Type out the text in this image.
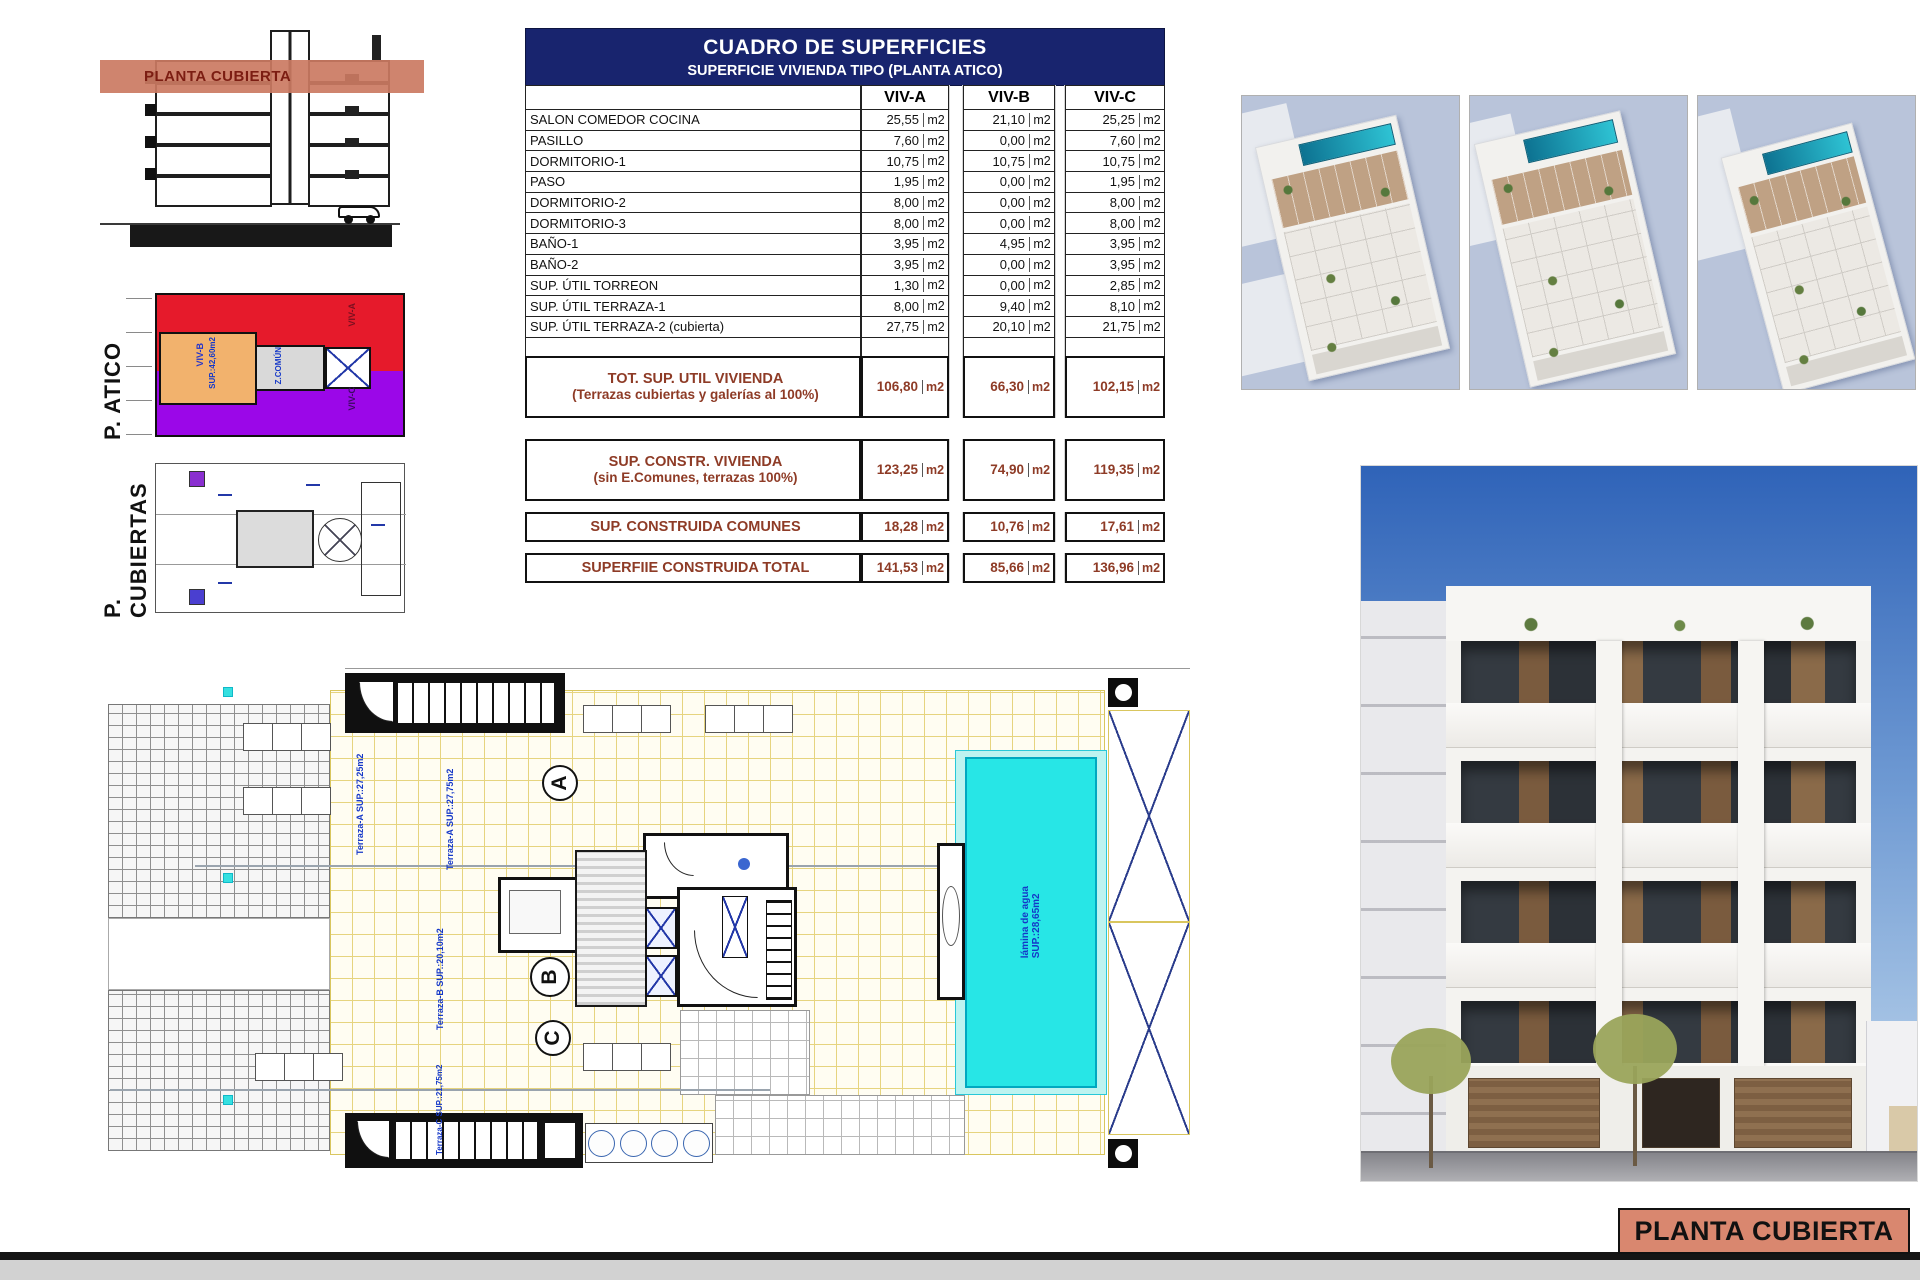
PLANTA CUBIERTA
P. ATICO
VIV-A
VIV-B SUP.:42,60m2
VIV-C
Z.COMÚN
P. CUBIERTAS
CUADRO DE SUPERFICIES
SUPERFICIE VIVIENDA TIPO (PLANTA ATICO)
VIV-A	VIV-B	VIV-C
SALON COMEDOR COCINA	25,55 m2	21,10 m2	25,25 m2
PASILLO	7,60 m2	0,00 m2	7,60 m2
DORMITORIO-1	10,75 m2	10,75 m2	10,75 m2
PASO	1,95 m2	0,00 m2	1,95 m2
DORMITORIO-2	8,00 m2	0,00 m2	8,00 m2
DORMITORIO-3	8,00 m2	0,00 m2	8,00 m2
BAÑO-1	3,95 m2	4,95 m2	3,95 m2
BAÑO-2	3,95 m2	0,00 m2	3,95 m2
SUP. ÚTIL TORREON	1,30 m2	0,00 m2	2,85 m2
SUP. ÚTIL TERRAZA-1	8,00 m2	9,40 m2	8,10 m2
SUP. ÚTIL TERRAZA-2 (cubierta)	27,75 m2	20,10 m2	21,75 m2
TOT. SUP. UTIL VIVIENDA
(Terrazas cubiertas y galerías al 100%)
106,80 m2	66,30 m2	102,15 m2
SUP. CONSTR. VIVIENDA
(sin E.Comunes, terrazas 100%)
123,25 m2	74,90 m2	119,35 m2
SUP. CONSTRUIDA COMUNES	18,28 m2	10,76 m2	17,61 m2
SUPERFIIE CONSTRUIDA TOTAL	141,53 m2	85,66 m2	136,96 m2
A
B
C
lámina de agua
SUP.:28,65m2
Terraza-A SUP.:27,25m2	Terraza-A SUP.:27,75m2
Terraza-B SUP.:20,10m2
Terraza-C SUP.:21,75m2
PLANTA CUBIERTA
